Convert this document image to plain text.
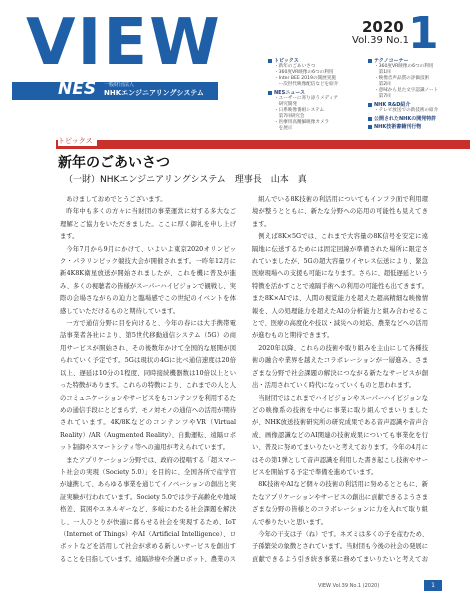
VIEW
NES	一般財団法人
NHKエンジニアリングシステム
2020
Vol.39 No.1
1
トピックス
・新年のごあいさつ
・360度VR映像の6つの利用
・Inter BEE 2019の開展実施
　ー次世代映像配信などを紹介
NESニュース
・ユーザーに寄り添うメディア
　研究開発
・日系映像番組システム
　第7回研究会
・医療用高精細映像カメラ
　を展示
テクノコーナー
・360度VR映像の6つの利用
　第1回
・映像音声品質の評価技術
　第2回
・意味から見た文字認識ノート
　第7回
NHK R&D紹介
・テレビ放送での新技術の紹介
公開されたNHKの開発特許
NHK技術書籍刊行物
トピックス
新年のごあいさつ
（一財）NHKエンジニアリングシステム　理事長　山本　真

あけましておめでとうございます。

昨年中も多くの方々に当財団の事業運営に対する多大なご理解とご協力をいただきました。ここに厚く御礼を申し上げます。

今年7月から9月にかけて、いよいよ東京2020オリンピック・パラリンピック競技大会が開催されます。一昨年12月に新4K8K衛星放送が開始されましたが、これを機に普及が進み、多くの視聴者の皆様がスーパーハイビジョンで観戦し、実際の会場さながらの迫力と臨場感でこの世紀のイベントを体感していただけるものと期待しています。

一方で通信分野に目を向けると、今年の春には大手携帯電話事業者各社により、第5世代移動通信システム（5G）の商用サービスが開始され、その後数年かけて全国的な展開が図られていく予定です。5Gは現状の4Gに比べ通信速度は20倍以上、遅延は10分の1程度、同時接続機器数は10倍以上といった特徴があります。これらの特徴により、これまでの人と人のコミュニケーションやサービスをもコンテンツを利用するための通信手段にとどまらず、モノ対モノの通信への活用が期待されています。4K/8KなどのコンテンツやVR（Virtual Reality）/AR（Augmented Reality）、自動運転、遠隔ロボット制御やスマートシティ等への適用が考えられています。

またアプリケーション分野では、政府の提唱する「超スマート社会の実現（Society 5.0）」を目的に、全国各所で産学官が連携して、あらゆる事業を通じてイノベーションの創出と実証実験が行われています。Society 5.0では少子高齢化や地域格差、貧困やエネルギーなど、多岐にわたる社会課題を解決し、一人ひとりが快適に暮らせる社会を実現するため、IoT（Internet of Things）やAI（Artificial Intelligence）、ロボットなどを活用して社会が求める新しいサービスを創出することを目指しています。遠隔診療や介護ロボット、農業のス

組んでいる8K技術の利活用についてもインフラ面で利用環境が整うとともに、新たな分野への応用の可能性も見えてきます。

例えば8K×5Gでは、これまで大容量の8K信号を安定に遠隔地に伝送するためには固定回線が準備された場所に限定されていましたが、5Gの超大容量ワイヤレス伝送により、緊急医療現場への支援も可能になります。さらに、超低遅延という特徴を活かすことで遠隔手術への利用の可能性も出てきます。また8K×AIでは、人間の視覚能力を超えた超高精細な映像情報を、人の処理能力を超えたAIの分析能力と組み合わせることで、医療の高度化や技以・減災への対応、農業などへの活用が進むものと期待できます。

2020年以降、これらの技術や取り組みを主山にして各種技術の融合や業界を越えたコラボレーションが一層進み、さまざまな分野で社会課題の解決につながる新たなサービスが創出・活用されていく時代になっていくものと思われます。

当財団ではこれまでハイビジョンやスーパーハイビジョンなどの映像系の技術を中心に事業に取り組んでまいりましたが、NHK放送技術研究所の研究成果である音声認識や音声合成、画像認識などのAI関連の技術成果についても事業化を行い、普及に努めてまいりたいと考えております。今年の4月にはその第1弾として音声認識を利用した書き起こし技術やサービスを開始する予定で準備を進めています。

8K技術やAIなど個々の技術の利活用に努めるとともに、新たなアプリケーションやサービスの創出に貢献できるようさまざまな分野の皆様とのコラボレーションに力を入れて取り組んで参りたいと思います。

今年の干支は子（ね）です。ネズミは多くの子を産むため、子孫繁栄の象徴とされています。当財団も今後の社会の発展に貢献できるよう引き続き事業に務めてまいりたいと考えてお

VIEW Vol.39 No.1 (2020)	1
